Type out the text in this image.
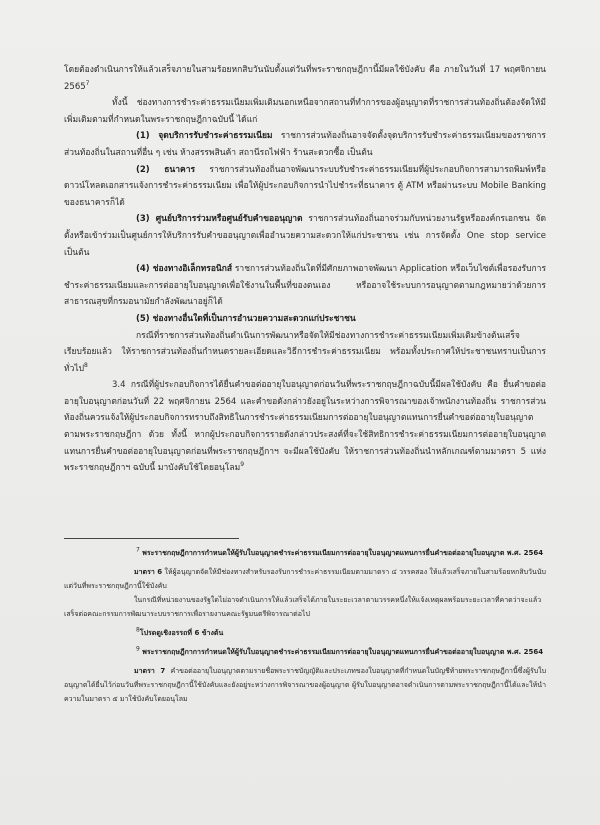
โดยต้องดำเนินการให้แล้วเสร็จภายในสามร้อยหกสิบวันนับตั้งแต่วันที่พระราชกฤษฎีกานี้มีผลใช้บังคับ คือ ภายในวันที่ 17 พฤศจิกายน 2565$^7$

ทั้งนี้ ช่องทางการชำระค่าธรรมเนียมเพิ่มเติมนอกเหนือจากสถานที่ทำการของผู้อนุญาตที่ราชการส่วนท้องถิ่นต้องจัดให้มีเพิ่มเติมตามที่กำหนดในพระราชกฤษฎีกาฉบับนี้ ได้แก่

(1) จุดบริการรับชำระค่าธรรมเนียม ราชการส่วนท้องถิ่นอาจจัดตั้งจุดบริการรับชำระค่าธรรมเนียมของราชการส่วนท้องถิ่นในสถานที่อื่น ๆ เช่น ห้างสรรพสินค้า สถานีรถไฟฟ้า ร้านสะดวกซื้อ เป็นต้น

(2) ธนาคาร ราชการส่วนท้องถิ่นอาจพัฒนาระบบรับชำระค่าธรรมเนียมที่ผู้ประกอบกิจการสามารถพิมพ์หรือดาวน์โหลดเอกสารแจ้งการชำระค่าธรรมเนียม เพื่อให้ผู้ประกอบกิจการนำไปชำระที่ธนาคาร ตู้ ATM หรือผ่านระบบ Mobile Banking ของธนาคารก็ได้

(3) ศูนย์บริการร่วมหรือศูนย์รับคำขออนุญาต ราชการส่วนท้องถิ่นอาจร่วมกับหน่วยงานรัฐหรือองค์กรเอกชน จัดตั้งหรือเข้าร่วมเป็นศูนย์การให้บริการรับคำขออนุญาตเพื่ออำนวยความสะดวกให้แก่ประชาชน เช่น การจัดตั้ง One stop service เป็นต้น

(4) ช่องทางอิเล็กทรอนิกส์ ราชการส่วนท้องถิ่นใดที่มีศักยภาพอาจพัฒนา Application หรือเว็บไซต์เพื่อรองรับการชำระค่าธรรมเนียมและการต่ออายุใบอนุญาตเพื่อใช้งานในพื้นที่ของตนเอง หรืออาจใช้ระบบการอนุญาตตามกฎหมายว่าด้วยการสาธารณสุขที่กรมอนามัยกำลังพัฒนาอยู่ก็ได้

(5) ช่องทางอื่นใดที่เป็นการอำนวยความสะดวกแก่ประชาชน

กรณีที่ราชการส่วนท้องถิ่นดำเนินการพัฒนาหรือจัดให้มีช่องทางการชำระค่าธรรมเนียมเพิ่มเติมข้างต้นเสร็จเรียบร้อยแล้ว ให้ราชการส่วนท้องถิ่นกำหนดรายละเอียดและวิธีการชำระค่าธรรมเนียม พร้อมทั้งประกาศให้ประชาชนทราบเป็นการทั่วไป$^8$

3.4 กรณีที่ผู้ประกอบกิจการได้ยื่นคำขอต่ออายุใบอนุญาตก่อนวันที่พระราชกฤษฎีกาฉบับนี้มีผลใช้บังคับ คือ ยื่นคำขอต่ออายุใบอนุญาตก่อนวันที่ 22 พฤศจิกายน 2564 และคำขอดังกล่าวยังอยู่ในระหว่างการพิจารณาของเจ้าพนักงานท้องถิ่น ราชการส่วนท้องถิ่นควรแจ้งให้ผู้ประกอบกิจการทราบถึงสิทธิในการชำระค่าธรรมเนียมการต่ออายุใบอนุญาตแทนการยื่นคำขอต่ออายุใบอนุญาตตามพระราชกฤษฎีกา ด้วย ทั้งนี้ หากผู้ประกอบกิจการรายดังกล่าวประสงค์ที่จะใช้สิทธิการชำระค่าธรรมเนียมการต่ออายุใบอนุญาตแทนการยื่นคำขอต่ออายุใบอนุญาตก่อนที่พระราชกฤษฎีกาฯ จะมีผลใช้บังคับ ให้ราชการส่วนท้องถิ่นนำหลักเกณฑ์ตามมาตรา 5 แห่งพระราชกฤษฎีกาฯ ฉบับนี้ มาบังคับใช้โดยอนุโลม$^9$

$^7$ พระราชกฤษฎีกาการกำหนดให้ผู้รับใบอนุญาตชำระค่าธรรมเนียมการต่ออายุใบอนุญาตแทนการยื่นคำขอต่ออายุใบอนุญาต พ.ศ. 2564

มาตรา 6 ให้ผู้อนุญาตจัดให้มีช่องทางสำหรับรองรับการชำระค่าธรรมเนียมตามมาตรา ๔ วรรคสอง ให้แล้วเสร็จภายในสามร้อยหกสิบวันนับแต่วันที่พระราชกฤษฎีกานี้ใช้บังคับ

ในกรณีที่หน่วยงานของรัฐใดไม่อาจดำเนินการให้แล้วเสร็จได้ภายในระยะเวลาตามวรรคหนึ่งให้แจ้งเหตุผลพร้อมระยะเวลาที่คาดว่าจะแล้วเสร็จต่อคณะกรรมการพัฒนาระบบราชการเพื่อรายงานคณะรัฐมนตรีพิจารณาต่อไป

$^8$โปรดดูเชิงอรรถที่ 6 ข้างต้น

$^9$ พระราชกฤษฎีกาการกำหนดให้ผู้รับใบอนุญาตชำระค่าธรรมเนียมการต่ออายุใบอนุญาตแทนการยื่นคำขอต่ออายุใบอนุญาต พ.ศ. 2564

มาตรา 7 คำขอต่ออายุใบอนุญาตตามรายชื่อพระราชบัญญัติและประเภทของใบอนุญาตที่กำหนดในบัญชีท้ายพระราชกฤษฎีกานี้ซึ่งผู้รับใบอนุญาตได้ยื่นไว้ก่อนวันที่พระราชกฤษฎีกานี้ใช้บังคับและยังอยู่ระหว่างการพิจารณาของผู้อนุญาต ผู้รับใบอนุญาตอาจดำเนินการตามพระราชกฤษฎีกานี้ได้และให้นำความในมาตรา ๕ มาใช้บังคับโดยอนุโลม
